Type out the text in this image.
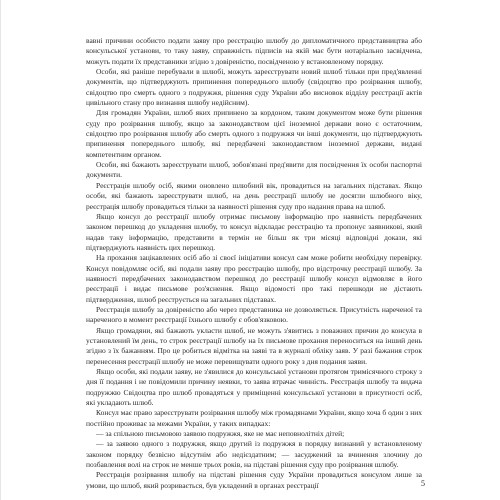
вавні причини особисто подати заяву про реєстрацію шлюбу до дипломатичного представництва або консульської установи, то таку заяву, справжність підписів на якій має бути нотаріально засвідчена, можуть подати їх представники згідно з довіреністю, посвідченою у встановленому порядку.

Особи, які раніше перебували в шлюбі, можуть зареєструвати новий шлюб тільки при пред'явленні документів, що підтверджують припинення попереднього шлюбу (свідоцтво про розірвання шлюбу, свідоцтво про смерть одного з подружжя, рішення суду України або висновок відділу реєстрації актів цивільного стану про визнання шлюбу недійсним).

Для громадян України, шлюб яких припинено за кордоном, таким документом може бути рішення суду про розірвання шлюбу, якщо за законодавством цієї іноземної держави воно є остаточним, свідоцтво про розірвання шлюбу або смерть одного з подружжя чи інші документи, що підтверджують припинення попереднього шлюбу, які передбачені законодавством іноземної держави, видані компетентним органом.

Особи, які бажають зареєструвати шлюб, зобов'язані пред'явити для посвідчення їх особи паспортні документи.

Реєстрація шлюбу осіб, якими оновлено шлюбний вік, провадиться на загальних підставах. Якщо особи, які бажають зареєструвати шлюб, на день реєстрації шлюбу не досягли шлюбного віку, реєстрація шлюбу провадиться тільки за наявності рішення суду про надання права на шлюб.

Якщо консул до реєстрації шлюбу отримає письмову інформацію про наявність передбачених законом перешкод до укладення шлюбу, то консул відкладає реєстрацію та пропонує заявникові, який надав таку інформацію, представити в термін не більш як три місяці відповідні докази, які підтверджують наявність цих перешкод.

На прохання зацікавлених осіб або зі своєї ініціативи консул сам може робити необхідну перевірку. Консул повідомляє осіб, які подали заяву про реєстрацію шлюбу, про відстрочку реєстрації шлюбу. За наявності передбачених законодавством перешкод до реєстрації шлюбу консул відмовляє в його реєстрації і видає письмове роз'яснення. Якщо відомості про такі перешкоди не дістають підтвердження, шлюб реєструється на загальних підставах.

Реєстрація шлюбу за довіреністю або через представника не дозволяється. Присутність нареченої та нареченого в момент реєстрації їхнього шлюбу є обов'язковою.

Якщо громадяни, які бажають укласти шлюб, не можуть з'явитись з поважних причин до консула в установлений їм день, то строк реєстрації шлюбу на їх письмове прохання переноситься на інший день згідно з їх бажанням. Про це робиться відмітка на заяві та в журналі обліку заяв. У разі бажання строк перенесення реєстрації шлюбу не може перевищувати одного року з дня подання заяви.

Якщо особи, які подали заяву, не з'явилися до консульської установи протягом тримісячного строку з дня її подання і не повідомили причину неявки, то заява втрачає чинність. Реєстрація шлюбу та видача подружжю Свідоцтва про шлюб провадяться у приміщенні консульської установи в присутності осіб, які укладають шлюб.

Консул має право зареєструвати розірвання шлюбу між громадянами України, якщо хоча б один з них постійно проживає за межами України, у таких випадках:

— за спільною письмовою заявою подружжя, яке не має неповнолітніх дітей;

— за заявою одного з подружжя, якщо другий із подружжя в порядку визнаний у встановленому законом порядку безвісно відсутнім або недієздатним; — засуджений за вчинення злочину до позбавлення волі на строк не менше трьох років, на підставі рішення суду про розірвання шлюбу.

Реєстрація розірвання шлюбу на підставі рішення суду України провадиться консулом лише за умови, що шлюб, який розривається, був укладений в органах реєстрації	5
